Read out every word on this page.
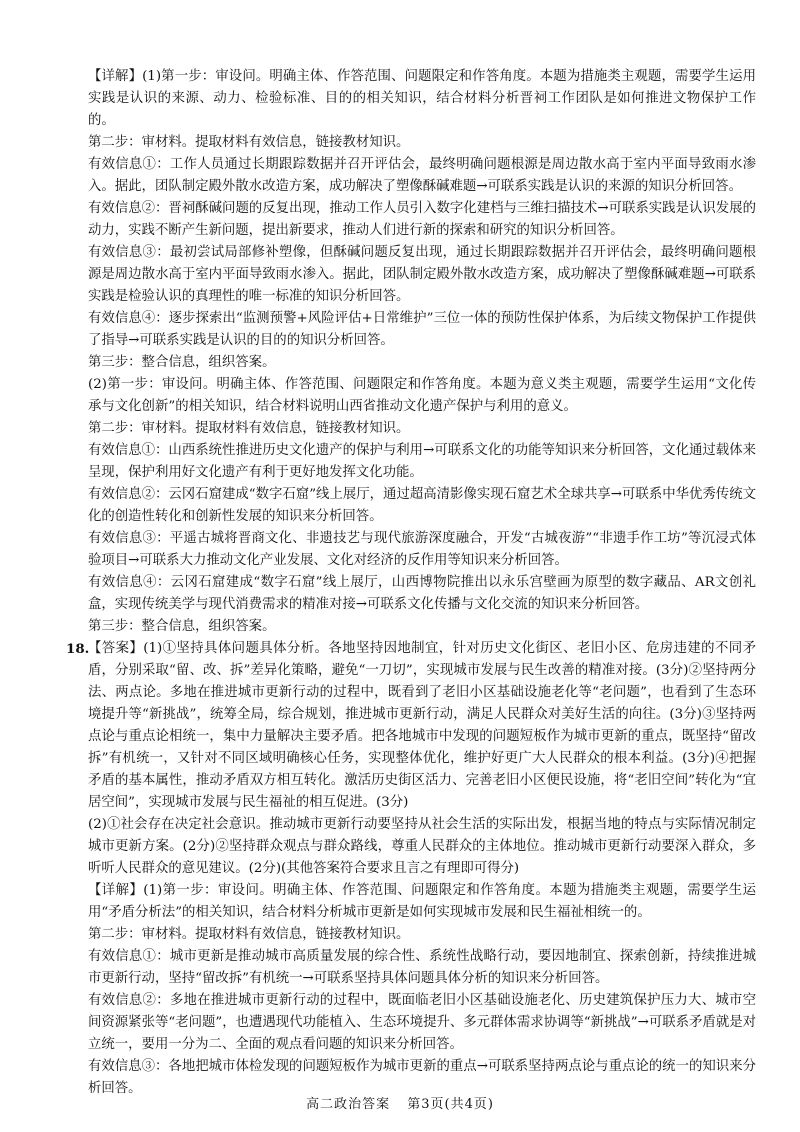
【详解】(1)第一步：审设问。明确主体、作答范围、问题限定和作答角度。本题为措施类主观题，需要学生运用实践是认识的来源、动力、检验标准、目的的相关知识，结合材料分析晋祠工作团队是如何推进文物保护工作的。

第二步：审材料。提取材料有效信息，链接教材知识。

有效信息①：工作人员通过长期跟踪数据并召开评估会，最终明确问题根源是周边散水高于室内平面导致雨水渗入。据此，团队制定殿外散水改造方案，成功解决了塑像酥碱难题→可联系实践是认识的来源的知识分析回答。

有效信息②：晋祠酥碱问题的反复出现，推动工作人员引入数字化建档与三维扫描技术→可联系实践是认识发展的动力，实践不断产生新问题，提出新要求，推动人们进行新的探索和研究的知识分析回答。

有效信息③：最初尝试局部修补塑像，但酥碱问题反复出现，通过长期跟踪数据并召开评估会，最终明确问题根源是周边散水高于室内平面导致雨水渗入。据此，团队制定殿外散水改造方案，成功解决了塑像酥碱难题→可联系实践是检验认识的真理性的唯一标准的知识分析回答。

有效信息④：逐步探索出“监测预警+风险评估+日常维护”三位一体的预防性保护体系，为后续文物保护工作提供了指导→可联系实践是认识的目的的知识分析回答。

第三步：整合信息，组织答案。

(2)第一步：审设问。明确主体、作答范围、问题限定和作答角度。本题为意义类主观题，需要学生运用“文化传承与文化创新”的相关知识，结合材料说明山西省推动文化遗产保护与利用的意义。

第二步：审材料。提取材料有效信息，链接教材知识。

有效信息①：山西系统性推进历史文化遗产的保护与利用→可联系文化的功能等知识来分析回答，文化通过载体来呈现，保护利用好文化遗产有利于更好地发挥文化功能。

有效信息②：云冈石窟建成“数字石窟”线上展厅，通过超高清影像实现石窟艺术全球共享→可联系中华优秀传统文化的创造性转化和创新性发展的知识来分析回答。

有效信息③：平遥古城将晋商文化、非遗技艺与现代旅游深度融合，开发“古城夜游”“非遗手作工坊”等沉浸式体验项目→可联系大力推动文化产业发展、文化对经济的反作用等知识来分析回答。

有效信息④：云冈石窟建成“数字石窟”线上展厅，山西博物院推出以永乐宫壁画为原型的数字藏品、AR文创礼盒，实现传统美学与现代消费需求的精准对接→可联系文化传播与文化交流的知识来分析回答。

第三步：整合信息，组织答案。

18.

【答案】(1)①坚持具体问题具体分析。各地坚持因地制宜，针对历史文化街区、老旧小区、危房违建的不同矛盾，分别采取“留、改、拆”差异化策略，避免“一刀切”，实现城市发展与民生改善的精准对接。(3分)②坚持两分法、两点论。多地在推进城市更新行动的过程中，既看到了老旧小区基础设施老化等“老问题”，也看到了生态环境提升等“新挑战”，统筹全局，综合规划，推进城市更新行动，满足人民群众对美好生活的向往。(3分)③坚持两点论与重点论相统一，集中力量解决主要矛盾。把各地城市中发现的问题短板作为城市更新的重点，既坚持“留改拆”有机统一，又针对不同区域明确核心任务，实现整体优化，维护好更广大人民群众的根本利益。(3分)④把握矛盾的基本属性，推动矛盾双方相互转化。激活历史街区活力、完善老旧小区便民设施，将“老旧空间”转化为“宜居空间”，实现城市发展与民生福祉的相互促进。(3分)

(2)①社会存在决定社会意识。推动城市更新行动要坚持从社会生活的实际出发，根据当地的特点与实际情况制定城市更新方案。(2分)②坚持群众观点与群众路线，尊重人民群众的主体地位。推动城市更新行动要深入群众，多听听人民群众的意见建议。(2分)(其他答案符合要求且言之有理即可得分)

【详解】(1)第一步：审设问。明确主体、作答范围、问题限定和作答角度。本题为措施类主观题，需要学生运用“矛盾分析法”的相关知识，结合材料分析城市更新是如何实现城市发展和民生福祉相统一的。

第二步：审材料。提取材料有效信息，链接教材知识。

有效信息①：城市更新是推动城市高质量发展的综合性、系统性战略行动，要因地制宜、探索创新，持续推进城市更新行动，坚持“留改拆”有机统一→可联系坚持具体问题具体分析的知识来分析回答。

有效信息②：多地在推进城市更新行动的过程中，既面临老旧小区基础设施老化、历史建筑保护压力大、城市空间资源紧张等“老问题”，也遭遇现代功能植入、生态环境提升、多元群体需求协调等“新挑战”→可联系矛盾就是对立统一，要用一分为二、全面的观点看问题的知识来分析回答。

有效信息③：各地把城市体检发现的问题短板作为城市更新的重点→可联系坚持两点论与重点论的统一的知识来分析回答。

高二政治答案 第3页(共4页)
